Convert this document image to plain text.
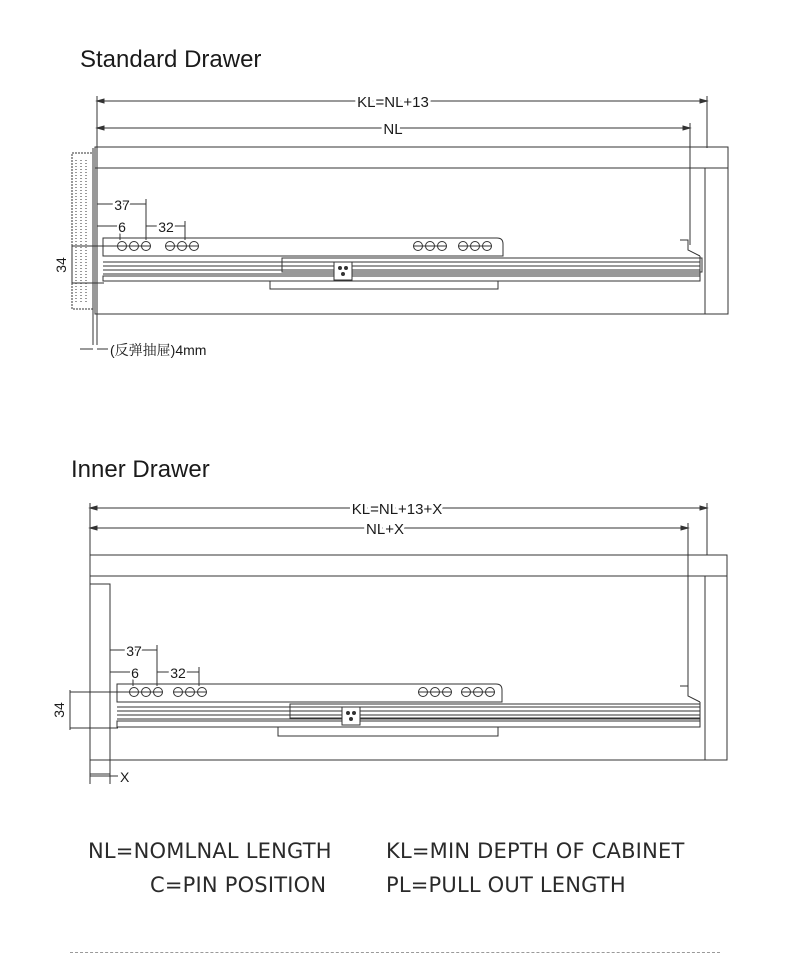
Standard Drawer
KL=NL+13
NL
37
6 32
34
(反弹抽屉)4mm
Inner Drawer
KL=NL+13+X
NL+X
37
6 32
34
X
NL=NOMLNAL LENGTH	KL=MIN DEPTH OF CABINET
C=PIN POSITION	PL=PULL OUT LENGTH
